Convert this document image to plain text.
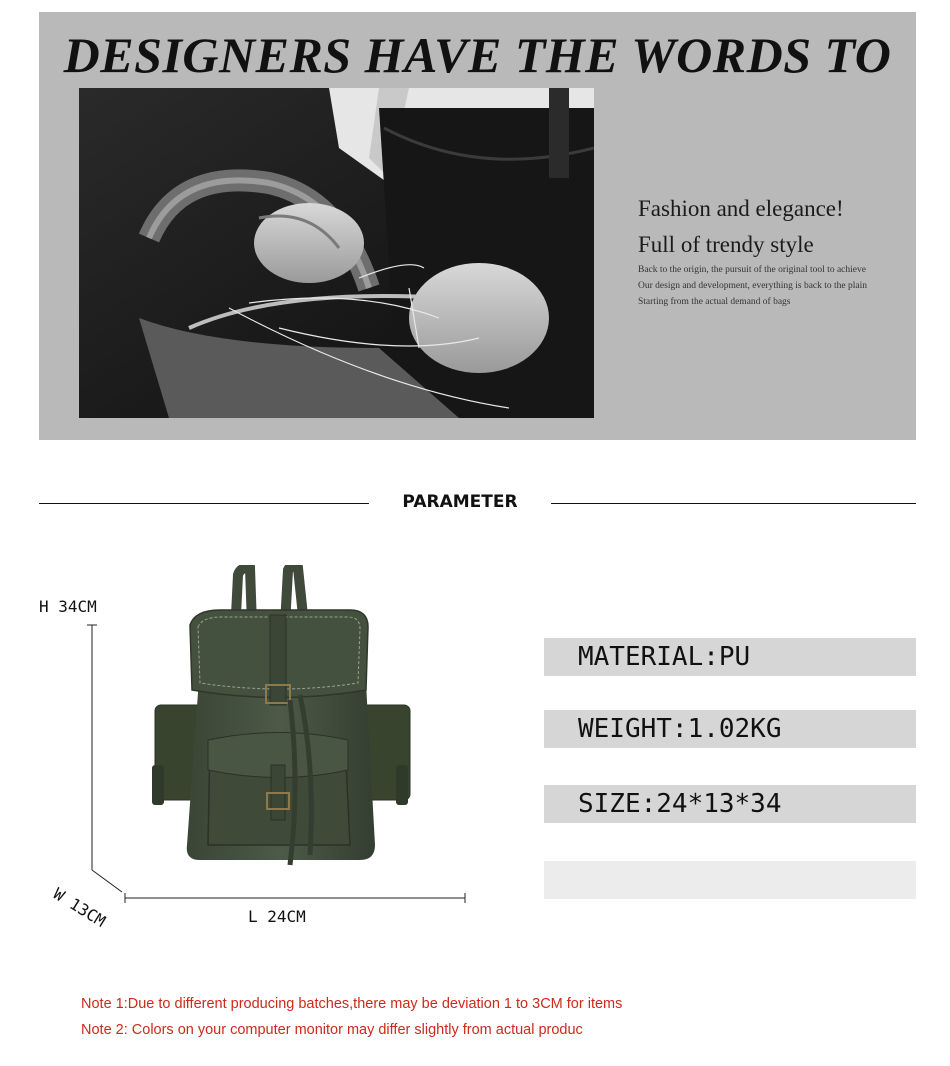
DESIGNERS HAVE THE WORDS TO
Fashion and elegance!
Full of trendy style
Back to the origin, the pursuit of the original tool to achieve
Our design and development, everything is back to the plain
Starting from the actual demand of bags
PARAMETER
H 34CM
W 13CM	L 24CM
MATERIAL:PU
WEIGHT:1.02KG
SIZE:24*13*34
Note 1:Due to different producing batches,there may be deviation 1 to 3CM for items
Note 2: Colors on your computer monitor may differ slightly from actual produc
